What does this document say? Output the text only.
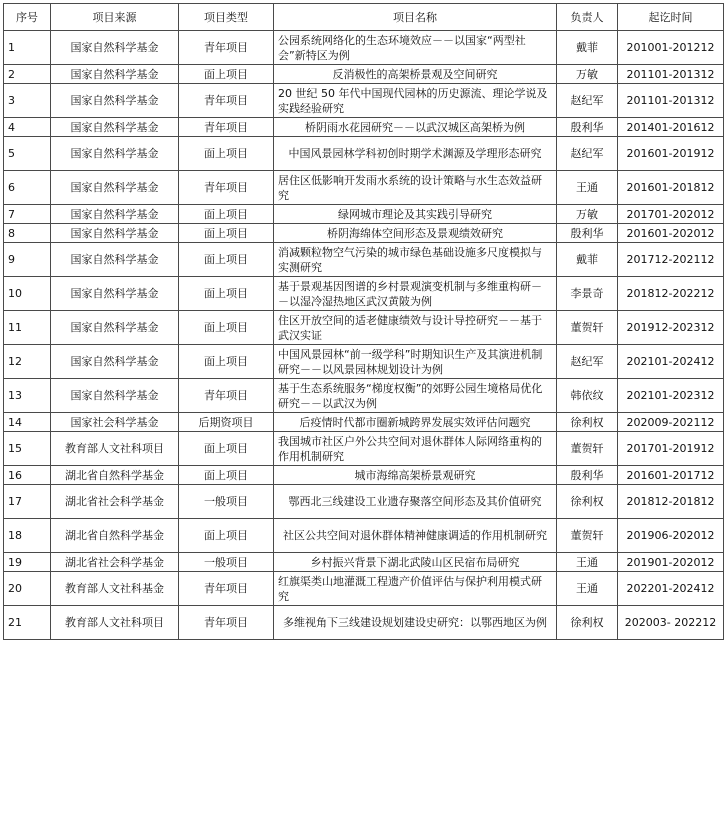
序号	项目来源	项目类型	项目名称	负责人	起讫时间
1	国家自然科学基金	青年项目	公园系统网络化的生态环境效应－－以国家“两型社会”新特区为例	戴菲	201001-201212
2	国家自然科学基金	面上项目	反消极性的高架桥景观及空间研究	万敏	201101-201312
3	国家自然科学基金	青年项目	20 世纪 50 年代中国现代园林的历史源流、理论学说及实践经验研究	赵纪军	201101-201312
4	国家自然科学基金	青年项目	桥阴雨水花园研究－－以武汉城区高架桥为例	殷利华	201401-201612
5	国家自然科学基金	面上项目	中国风景园林学科初创时期学术渊源及学理形态研究	赵纪军	201601-201912
6	国家自然科学基金	青年项目	居住区低影响开发雨水系统的设计策略与水生态效益研究	王通	201601-201812
7	国家自然科学基金	面上项目	绿网城市理论及其实践引导研究	万敏	201701-202012
8	国家自然科学基金	面上项目	桥阴海绵体空间形态及景观绩效研究	殷利华	201601-202012
9	国家自然科学基金	面上项目	消减颗粒物空气污染的城市绿色基础设施多尺度模拟与实测研究	戴菲	201712-202112
10	国家自然科学基金	面上项目	基于景观基因图谱的乡村景观演变机制与多维重构研－－以湿冷湿热地区武汉黄陂为例	李景奇	201812-202212
11	国家自然科学基金	面上项目	住区开放空间的适老健康绩效与设计导控研究－－基于武汉实证	董贺轩	201912-202312
12	国家自然科学基金	面上项目	中国风景园林“前一级学科”时期知识生产及其演进机制研究－－以风景园林规划设计为例	赵纪军	202101-202412
13	国家自然科学基金	青年项目	基于生态系统服务“梯度权衡”的郊野公园生境格局优化研究－－以武汉为例	韩依纹	202101-202312
14	国家社会科学基金	后期资项目	后疫情时代都市圈新城跨界发展实效评估问题究	徐利权	202009-202112
15	教育部人文社科项目	面上项目	我国城市社区户外公共空间对退休群体人际网络重构的作用机制研究	董贺轩	201701-201912
16	湖北省自然科学基金	面上项目	城市海绵高架桥景观研究	殷利华	201601-201712
17	湖北省社会科学基金	一般项目	鄂西北三线建设工业遗存聚落空间形态及其价值研究	徐利权	201812-201812
18	湖北省自然科学基金	面上项目	社区公共空间对退休群体精神健康调适的作用机制研究	董贺轩	201906-202012
19	湖北省社会科学基金	一般项目	乡村振兴背景下湖北武陵山区民宿布局研究	王通	201901-202012
20	教育部人文社科基金	青年项目	红旗渠类山地灌溉工程遗产价值评估与保护利用模式研究	王通	202201-202412
21	教育部人文社科项目	青年项目	多维视角下三线建设规划建设史研究：以鄂西地区为例	徐利权	202003- 202212
